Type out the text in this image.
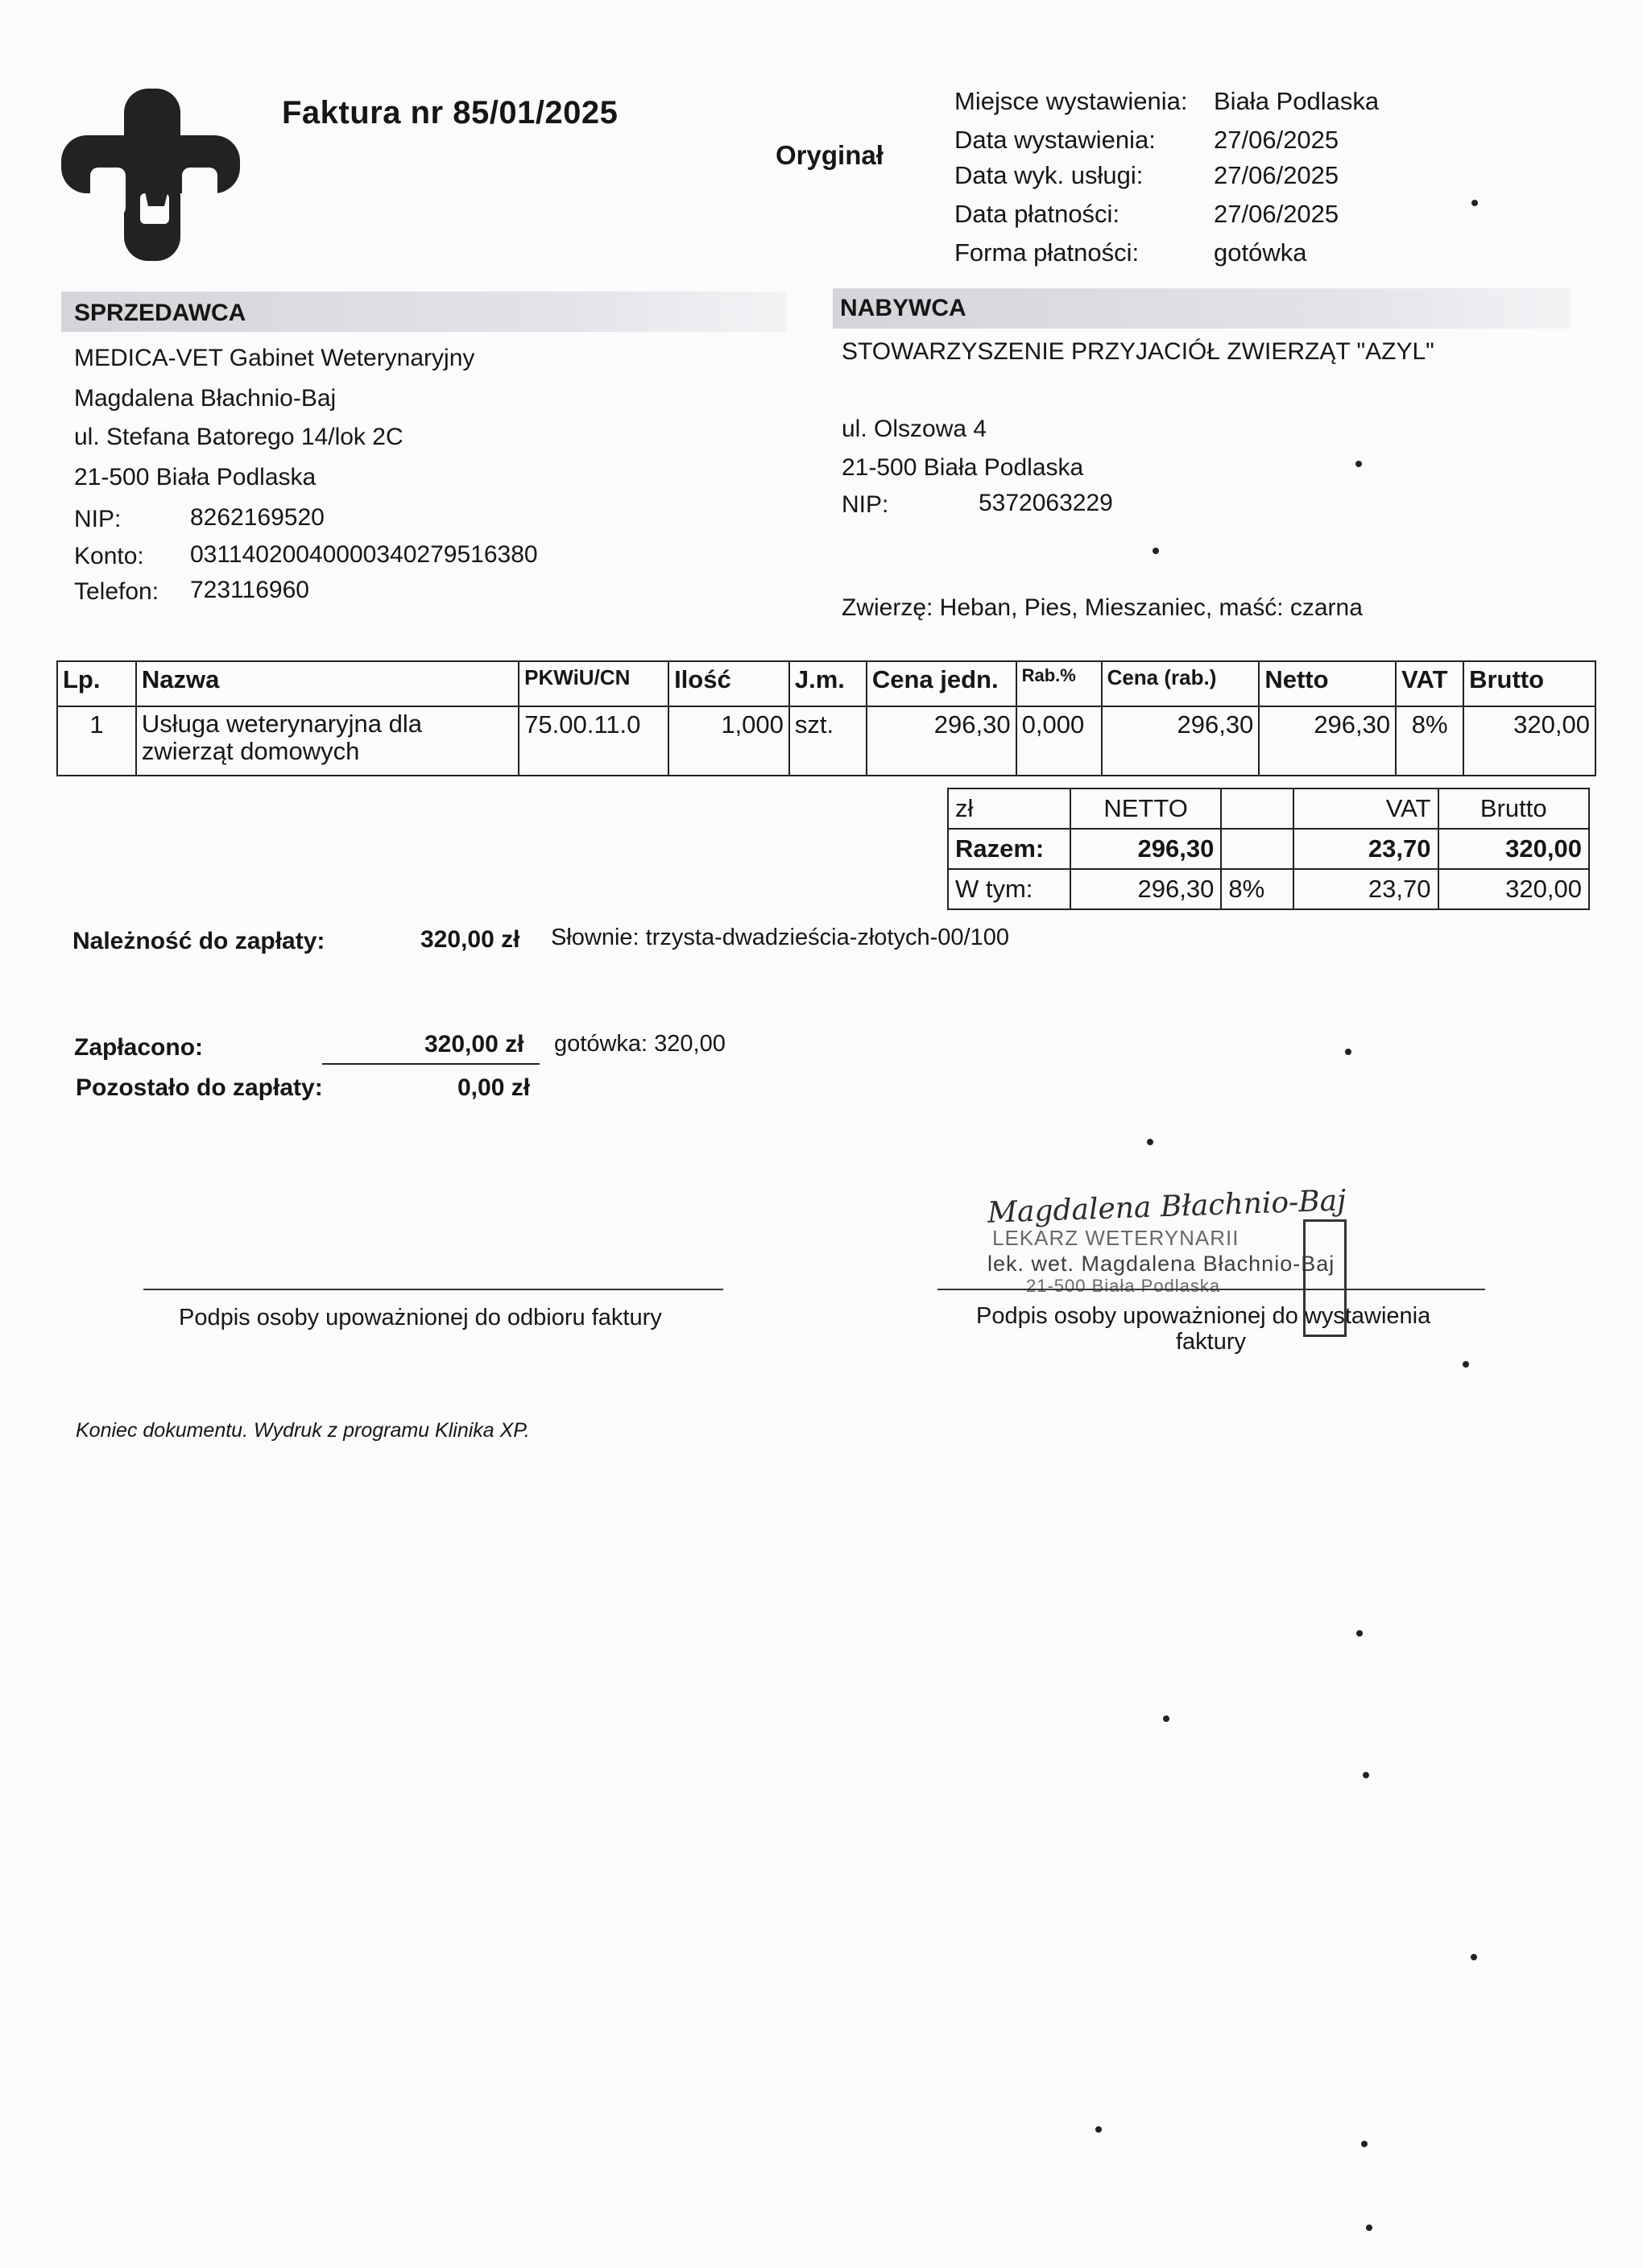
Faktura nr 85/01/2025
Oryginał
Miejsce wystawienia: Biała Podlaska
Data wystawienia: 27/06/2025
Data wyk. usługi:	27/06/2025
Data płatności:	27/06/2025
Forma płatności:	gotówka
SPRZEDAWCA	NABYWCA
MEDICA-VET Gabinet Weterynaryjny
Magdalena Błachnio-Baj
ul. Stefana Batorego 14/lok 2C
21-500 Biała Podlaska
NIP:	8262169520
Konto: 03114020040000340279516380
Telefon: 723116960
STOWARZYSZENIE PRZYJACIÓŁ ZWIERZĄT "AZYL"
ul. Olszowa 4
21-500 Biała Podlaska
NIP:	5372063229
Zwierzę: Heban, Pies, Mieszaniec, maść: czarna
Lp.	Nazwa	PKWiU/CN	Ilość	J.m.	Cena jedn.	Rab.%	Cena (rab.)	Netto	VAT	Brutto
1	Usługa weterynaryjna dla
zwierząt domowych	75.00.11.0	1,000	szt.	296,30	0,000	296,30	296,30	8%	320,00
zł	NETTO		VAT	Brutto
Razem:	296,30		23,70	320,00
W tym:	296,30	8%	23,70	320,00
Należność do zapłaty:	320,00 zł Słownie: trzysta-dwadzieścia-złotych-00/100
Zapłacono:	320,00 zł gotówka: 320,00
Pozostało do zapłaty:	0,00 zł
Podpis osoby upoważnionej do odbioru faktury	Podpis osoby upoważnionej do wystawienia
faktury
Magdalena Błachnio-Baj
LEKARZ WETERYNARII
lek. wet. Magdalena Błachnio-Baj
21-500 Biała Podlaska
Koniec dokumentu. Wydruk z programu Klinika XP.
